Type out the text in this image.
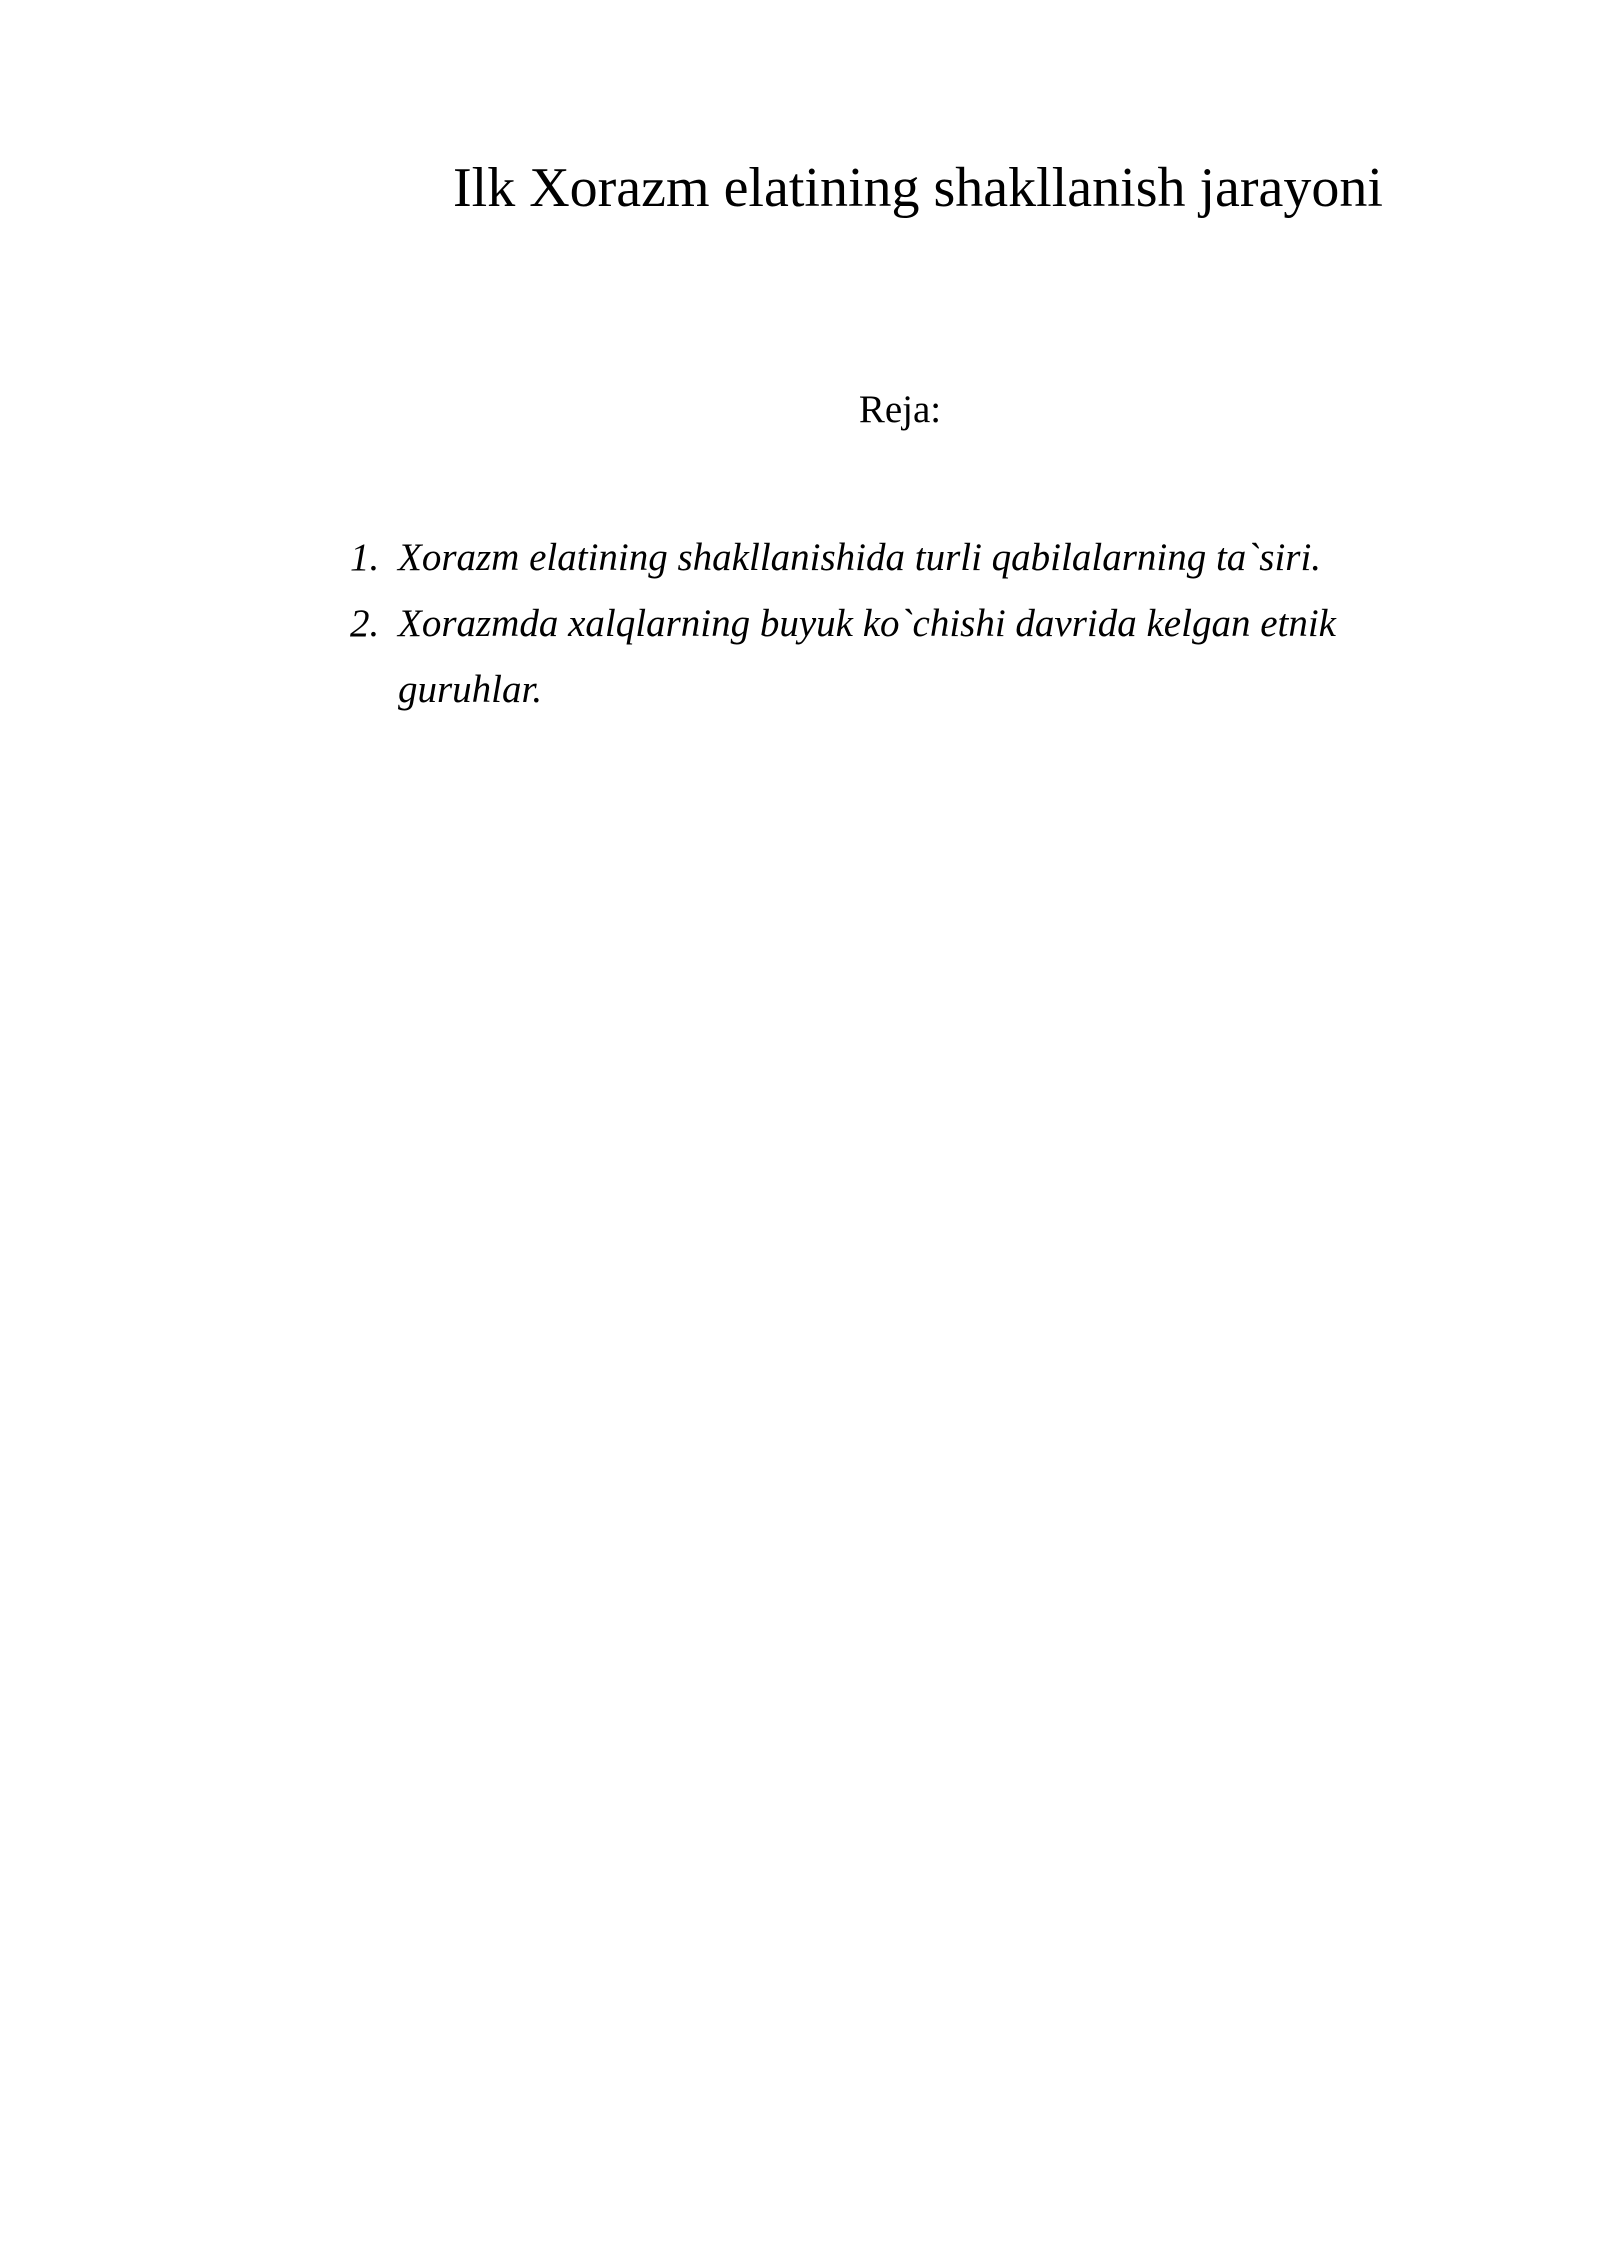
Ilk Xorazm elatining shakllanish jarayoni
Reja:
1. Xorazm elatining shakllanishida turli qabilalarning ta`siri.
2. Xorazmda xalqlarning buyuk ko`chishi davrida kelgan etnik guruhlar.
